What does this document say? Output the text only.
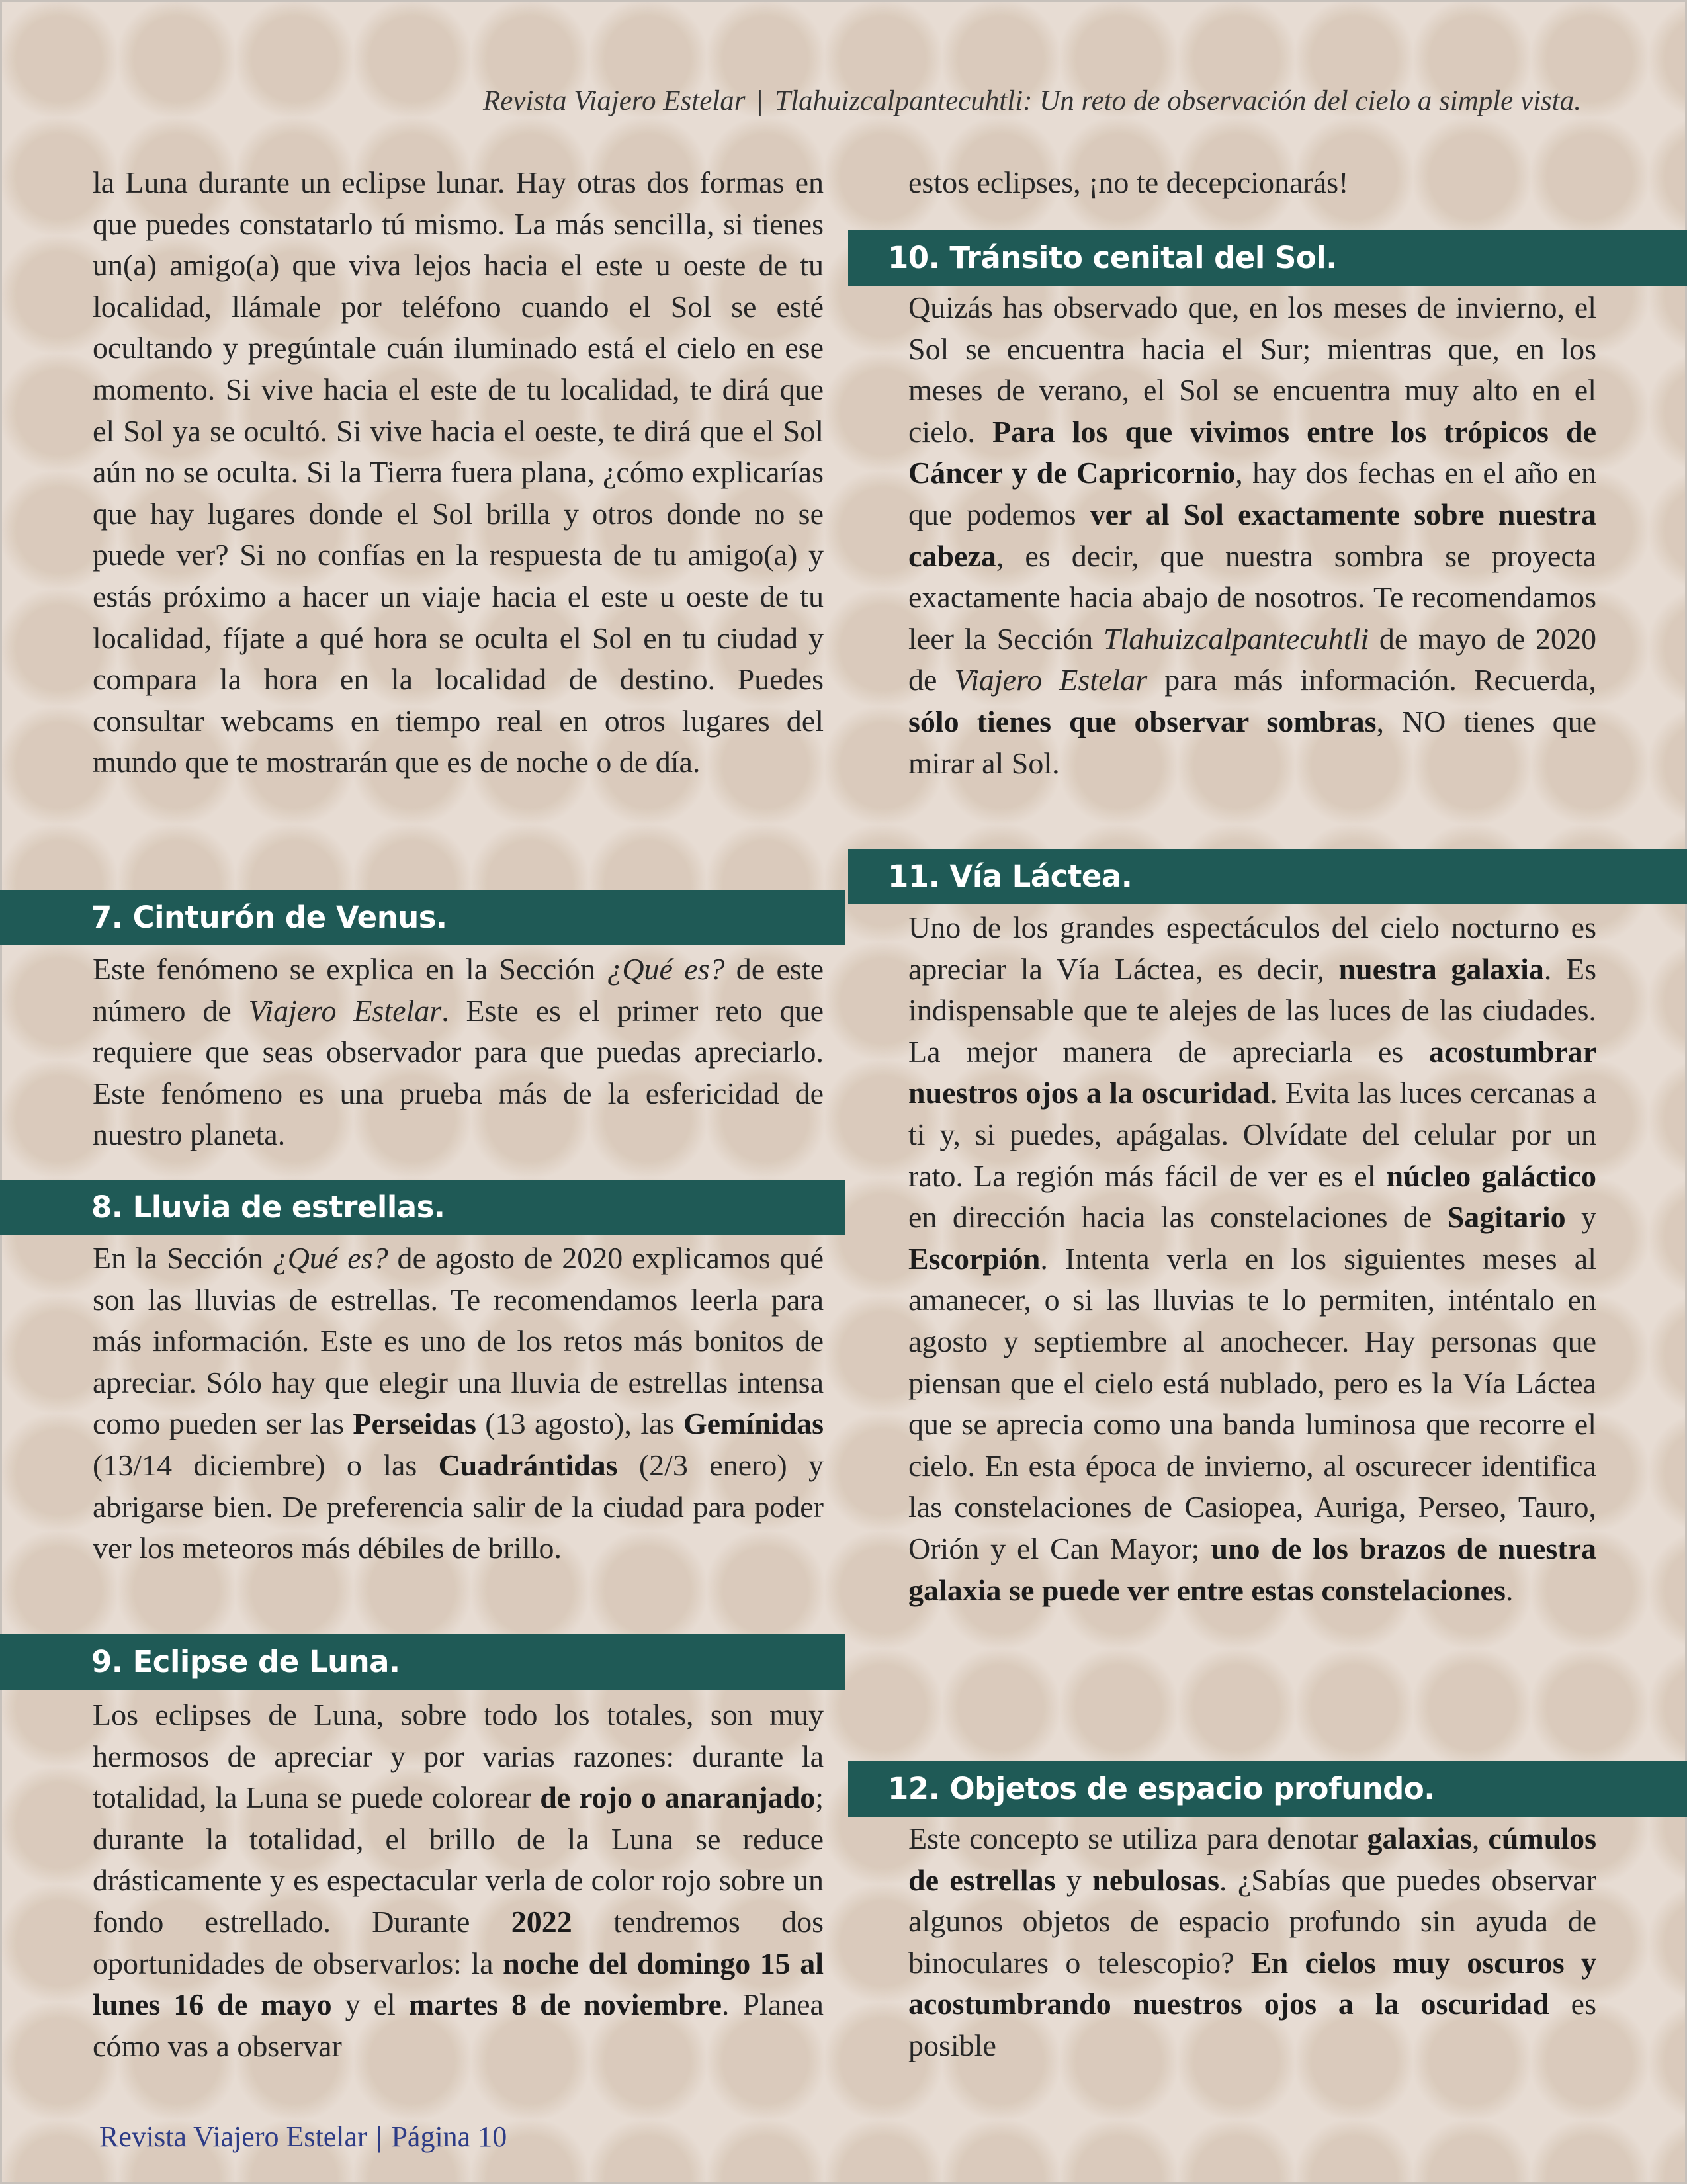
Revista Viajero Estelar | Tlahuizcalpantecuhtli: Un reto de observación del cielo a simple vista.

la Luna durante un eclipse lunar. Hay otras dos formas en que puedes constatarlo tú mismo. La más sencilla, si tienes un(a) amigo(a) que viva lejos hacia el este u oeste de tu localidad, llámale por teléfono cuando el Sol se esté ocultando y pregúntale cuán iluminado está el cielo en ese momento. Si vive hacia el este de tu localidad, te dirá que el Sol ya se ocultó. Si vive hacia el oeste, te dirá que el Sol aún no se oculta. Si la Tierra fuera plana, ¿cómo explicarías que hay lugares donde el Sol brilla y otros donde no se puede ver? Si no confías en la respuesta de tu amigo(a) y estás próximo a hacer un viaje hacia el este u oeste de tu localidad, fíjate a qué hora se oculta el Sol en tu ciudad y compara la hora en la localidad de destino. Puedes consultar webcams en tiempo real en otros lugares del mundo que te mostrarán que es de noche o de día.

7. Cinturón de Venus.

Este fenómeno se explica en la Sección ¿Qué es? de este número de Viajero Estelar. Este es el primer reto que requiere que seas observador para que puedas apreciarlo. Este fenómeno es una prueba más de la esfericidad de nuestro planeta.

8. Lluvia de estrellas.

En la Sección ¿Qué es? de agosto de 2020 explicamos qué son las lluvias de estrellas. Te recomendamos leerla para más información. Este es uno de los retos más bonitos de apreciar. Sólo hay que elegir una lluvia de estrellas intensa como pueden ser las Perseidas (13 agosto), las Gemínidas (13/14 diciembre) o las Cuadrántidas (2/3 enero) y abrigarse bien. De preferencia salir de la ciudad para poder ver los meteoros más débiles de brillo.

9. Eclipse de Luna.

Los eclipses de Luna, sobre todo los totales, son muy hermosos de apreciar y por varias razones: durante la totalidad, la Luna se puede colorear de rojo o anaranjado; durante la totalidad, el brillo de la Luna se reduce drásticamente y es espectacular verla de color rojo sobre un fondo estrellado. Durante 2022 tendremos dos oportunidades de observarlos: la noche del domingo 15 al lunes 16 de mayo y el martes 8 de noviembre. Planea cómo vas a observar

estos eclipses, ¡no te decepcionarás!

10. Tránsito cenital del Sol.

Quizás has observado que, en los meses de invierno, el Sol se encuentra hacia el Sur; mientras que, en los meses de verano, el Sol se encuentra muy alto en el cielo. Para los que vivimos entre los trópicos de Cáncer y de Capricornio, hay dos fechas en el año en que podemos ver al Sol exactamente sobre nuestra cabeza, es decir, que nuestra sombra se proyecta exactamente hacia abajo de nosotros. Te recomendamos leer la Sección Tlahuizcalpantecuhtli de mayo de 2020 de Viajero Estelar para más información. Recuerda, sólo tienes que observar sombras, NO tienes que mirar al Sol.

11. Vía Láctea.

Uno de los grandes espectáculos del cielo nocturno es apreciar la Vía Láctea, es decir, nuestra galaxia. Es indispensable que te alejes de las luces de las ciudades. La mejor manera de apreciarla es acostumbrar nuestros ojos a la oscuridad. Evita las luces cercanas a ti y, si puedes, apágalas. Olvídate del celular por un rato. La región más fácil de ver es el núcleo galáctico en dirección hacia las constelaciones de Sagitario y Escorpión. Intenta verla en los siguientes meses al amanecer, o si las lluvias te lo permiten, inténtalo en agosto y septiembre al anochecer. Hay personas que piensan que el cielo está nublado, pero es la Vía Láctea que se aprecia como una banda luminosa que recorre el cielo. En esta época de invierno, al oscurecer identifica las constelaciones de Casiopea, Auriga, Perseo, Tauro, Orión y el Can Mayor; uno de los brazos de nuestra galaxia se puede ver entre estas constelaciones.

12. Objetos de espacio profundo.

Este concepto se utiliza para denotar galaxias, cúmulos de estrellas y nebulosas. ¿Sabías que puedes observar algunos objetos de espacio profundo sin ayuda de binoculares o telescopio? En cielos muy oscuros y acostumbrando nuestros ojos a la oscuridad es posible

Revista Viajero Estelar | Página 10
